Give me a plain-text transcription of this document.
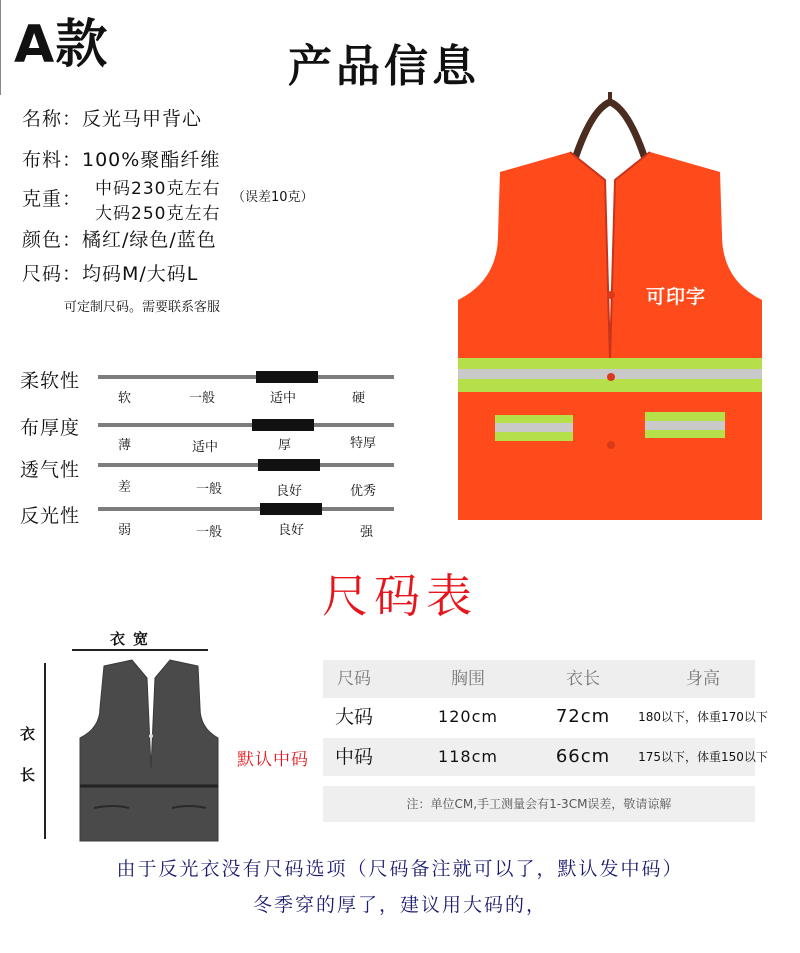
A款	产品信息
名称：反光马甲背心
布料：100%聚酯纤维
克重： 中码230克左右
大码250克左右
（误差10克）
颜色：橘红/绿色/蓝色
尺码：均码M/大码L
可定制尺码。需要联系客服
柔软性
软	一般	适中	硬
布厚度
薄	适中	厚	特厚
透气性
差	一般	良好	优秀
反光性
弱	一般	良好	强
可印字
尺码表
衣宽
衣
长
默认中码
尺码	胸围	衣长	身高
大码	120cm	72cm	180以下，体重170以下
中码	118cm	66cm	175以下，体重150以下
注：单位CM,手工测量会有1-3CM误差，敬请谅解
由于反光衣没有尺码选项（尺码备注就可以了，默认发中码）
冬季穿的厚了，建议用大码的，
